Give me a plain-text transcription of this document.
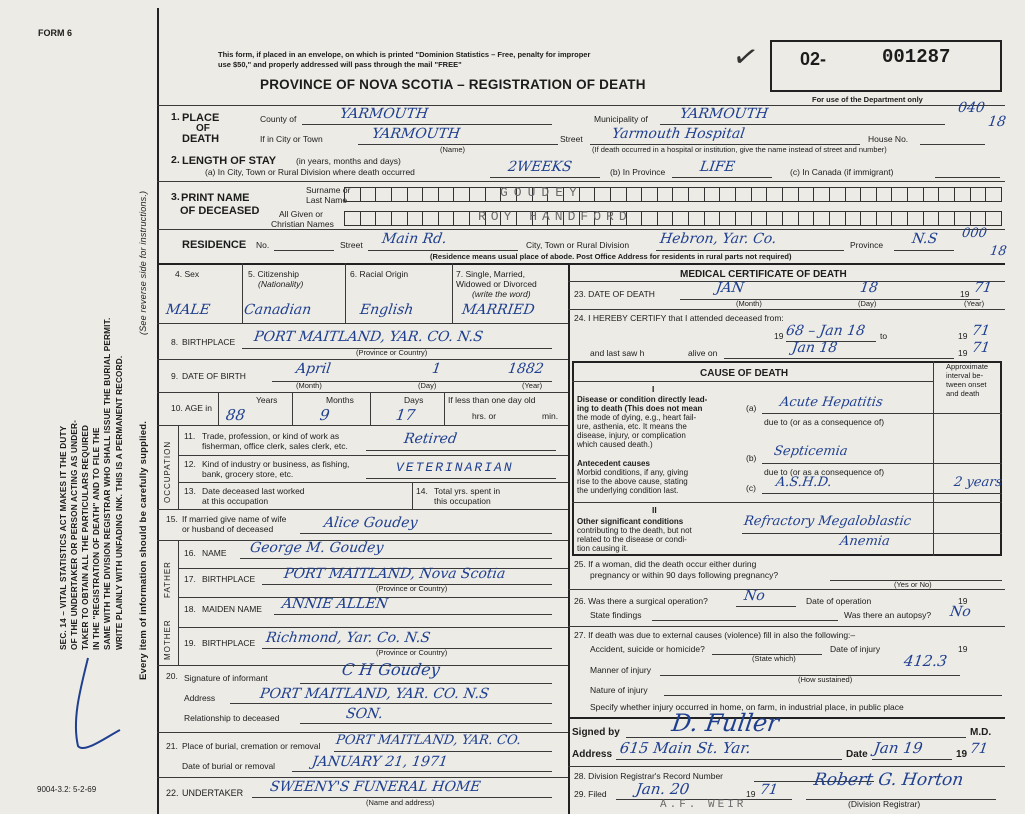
FORM 6
This form, if placed in an envelope, on which is printed "Dominion Statistics – Free, penalty for improper
use $50," and properly addressed will pass through the mail "FREE"
PROVINCE OF NOVA SCOTIA – REGISTRATION OF DEATH
✓ 02-	001287
For use of the Department only
SEC. 14 – VITAL STATISTICS ACT MAKES IT THE DUTY OF THE UNDERTAKER OR PERSON ACTING AS UNDER- TAKER TO OBTAIN ALL THE PARTICULARS REQUIRED IN THE "REGISTRATION OF DEATH" AND TO FILE THE SAME WITH THE DIVISION REGISTRAR WHO SHALL ISSUE THE BURIAL PERMIT. WRITE PLAINLY WITH UNFADING INK. THIS IS A PERMANENT RECORD. Every item of information should be carefully supplied.
(See reverse side for instructions.)
9004-3.2: 5-2-69
1. PLACE
OF
DEATH
County of	YARMOUTH	Municipality of YARMOUTH	040
18
If in City or Town	YARMOUTH
(Name)
Street Yarmouth Hospital	House No.
(If death occurred in a hospital or institution, give the name instead of street and number)
2. LENGTH OF STAY (in years, months and days)
(a) In City, Town or Rural Division where death occurred	2WEEKS	(b) In Province LIFE	(c) In Canada (if immigrant)
3. PRINT NAME
OF DECEASED
Surname or
Last Name	GOUDEY
All Given or
Christian Names	ROY HANDFORD
RESIDENCE No.	Street Main Rd.	City, Town or Rural Division Hebron, Yar. Co.	Province N.S 000
18
(Residence means usual place of abode. Post Office Address for residents in rural parts not required)
4. Sex
MALE
5. Citizenship
(Nationality)
Canadian
6. Racial Origin
English
7. Single, Married,
Widowed or Divorced
(write the word)
MARRIED
8. BIRTHPLACE PORT MAITLAND, YAR. CO. N.S
(Province or Country)
9. DATE OF BIRTH	April	1	1882
(Month)	(Day)	(Year)
10. AGE in
Years
88
Months
9
Days
17
If less than one day old
hrs. or	min.
OCCUPATION
11. Trade, profession, or kind of work as
fisherman, office clerk, sales clerk, etc.	Retired
12. Kind of industry or business, as fishing,
bank, grocery store, etc.	VETERINARIAN
13. Date deceased last worked
at this occupation
14. Total yrs. spent in
this occupation
15. If married give name of wife
or husband of deceased	Alice Goudey
FATHER
MOTHER
16. NAME George M. Goudey
17. BIRTHPLACE PORT MAITLAND, Nova Scotia
(Province or Country)
18. MAIDEN NAME ANNIE ALLEN
19. BIRTHPLACE Richmond, Yar. Co. N.S
(Province or Country)
20. Signature of informant	C H Goudey
Address	PORT MAITLAND, YAR. CO. N.S
Relationship to deceased	SON.
21. Place of burial, cremation or removal PORT MAITLAND, YAR. CO.
Date of burial or removal	JANUARY 21, 1971
22. UNDERTAKER SWEENY'S FUNERAL HOME
(Name and address)
MEDICAL CERTIFICATE OF DEATH
23. DATE OF DEATH	JAN	18	19 71
(Month)	(Day)	(Year)
24. I HEREBY CERTIFY that I attended deceased from:
19 68 – Jan 18 to	19 71
and last saw h	alive on	Jan 18	19 71
CAUSE OF DEATH
Approximate
interval be-
tween onset
and death
I
Disease or condition directly lead-
ing to death (This does not mean
the mode of dying, e.g., heart fail-
ure, asthenia, etc. It means the
disease, injury, or complication
which caused death.)
(a) Acute Hepatitis
due to (or as a consequence of)
Antecedent causes
Morbid conditions, if any, giving
rise to the above cause, stating
the underlying condition last.
(b) Septicemia
due to (or as a consequence of)
(c) A.S.H.D.	2 years
II
Other significant conditions
contributing to the death, but not
related to the disease or condi-
tion causing it.
Refractory Megaloblastic
Anemia
25. If a woman, did the death occur either during
pregnancy or within 90 days following pregnancy?
(Yes or No)
26. Was there a surgical operation?	No	Date of operation	19
State findings	Was there an autopsy? No
27. If death was due to external causes (violence) fill in also the following:–
Accident, suicide or homicide?
(State which)
Date of injury	19
Manner of injury	412.3
(How sustained)
Nature of injury
Specify whether injury occurred in home, on farm, in industrial place, in public place
Signed by D. Fuller	M.D.
Address 615 Main St. Yar.	Date Jan 19	19 71
28. Division Registrar's Record Number
29. Filed Jan. 20	19 71
A.F. WEIR
Robert G. Horton
(Division Registrar)
